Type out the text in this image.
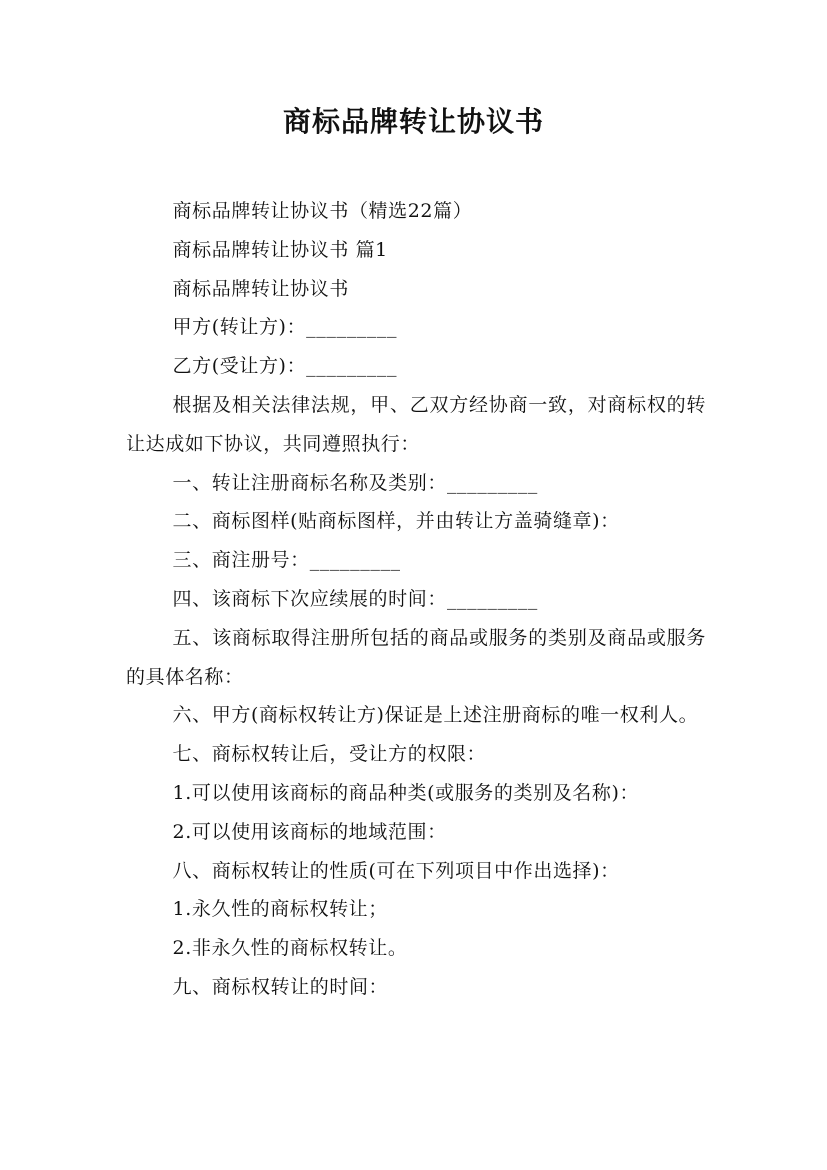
商标品牌转让协议书

商标品牌转让协议书（精选22篇）

商标品牌转让协议书 篇1

商标品牌转让协议书

甲方(转让方)：_________

乙方(受让方)：_________

根据及相关法律法规，甲、乙双方经协商一致，对商标权的转让达成如下协议，共同遵照执行：

一、转让注册商标名称及类别：_________

二、商标图样(贴商标图样，并由转让方盖骑缝章)：

三、商注册号：_________

四、该商标下次应续展的时间：_________

五、该商标取得注册所包括的商品或服务的类别及商品或服务的具体名称：

六、甲方(商标权转让方)保证是上述注册商标的唯一权利人。

七、商标权转让后，受让方的权限：

1.可以使用该商标的商品种类(或服务的类别及名称)：

2.可以使用该商标的地域范围：

八、商标权转让的性质(可在下列项目中作出选择)：

1.永久性的商标权转让；

2.非永久性的商标权转让。

九、商标权转让的时间：
